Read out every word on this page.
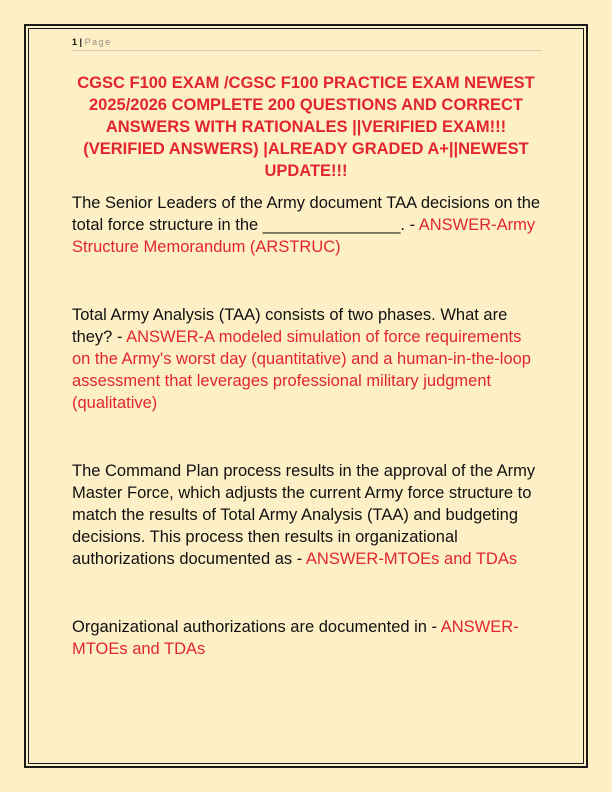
1 | Page
CGSC F100 EXAM /CGSC F100 PRACTICE EXAM NEWEST 2025/2026 COMPLETE 200 QUESTIONS AND CORRECT ANSWERS WITH RATIONALES ||VERIFIED EXAM!!! (VERIFIED ANSWERS) |ALREADY GRADED A+||NEWEST UPDATE!!!

The Senior Leaders of the Army document TAA decisions on the total force structure in the _______________. - ANSWER-Army Structure Memorandum (ARSTRUC)

Total Army Analysis (TAA) consists of two phases. What are they? - ANSWER-A modeled simulation of force requirements on the Army's worst day (quantitative) and a human-in-the-loop assessment that leverages professional military judgment (qualitative)

The Command Plan process results in the approval of the Army Master Force, which adjusts the current Army force structure to match the results of Total Army Analysis (TAA) and budgeting decisions. This process then results in organizational authorizations documented as - ANSWER-MTOEs and TDAs

Organizational authorizations are documented in - ANSWER-MTOEs and TDAs
